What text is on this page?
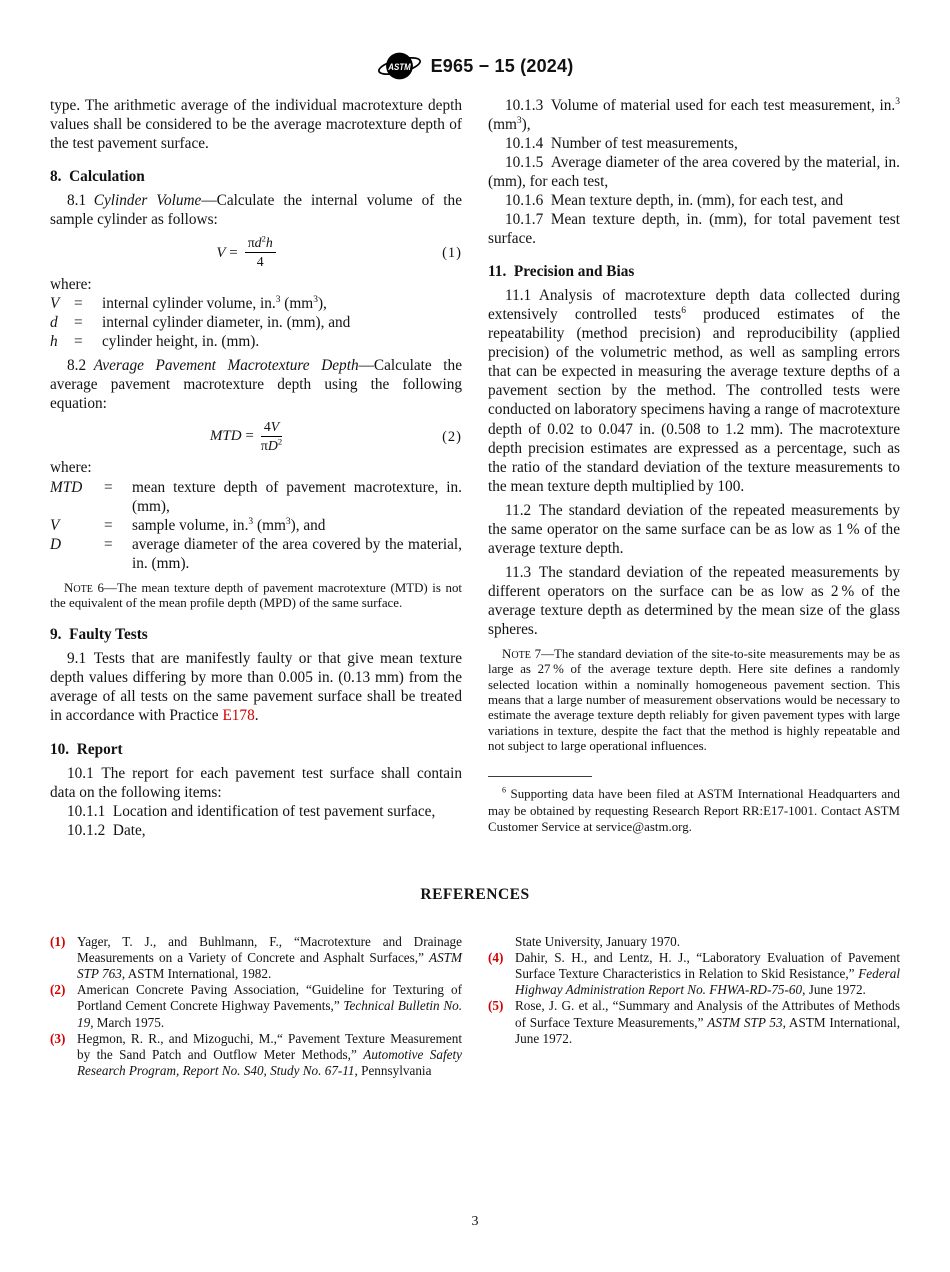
ASTM E965 − 15 (2024)

type. The arithmetic average of the individual macrotexture depth values shall be considered to be the average macrotexture depth of the test pavement surface.

8. Calculation

8.1 Cylinder Volume—Calculate the internal volume of the sample cylinder as follows:

$V = \frac{\pi d^2h}{4}$	(1)

where:

V =	internal cylinder volume, in.$^3$ $(mm^3)$,
d	=	internal cylinder diameter, in. (mm), and
h	=	cylinder height, in. (mm).

8.2 Average Pavement Macrotexture Depth—Calculate the average pavement macrotexture depth using the following equation:

MTD = $\frac{4V}{\pi D^2}$	(2)

where:

MTD	=	mean texture depth of pavement macrotexture, in. (mm),
V	=	sample volume, in.$^3$ $(mm^3)$, and
D	=	average diameter of the area covered by the material, in. (mm).

NOTE 6—The mean texture depth of pavement macrotexture (MTD) is not the equivalent of the mean profile depth (MPD) of the same surface.

9. Faulty Tests

9.1 Tests that are manifestly faulty or that give mean texture depth values differing by more than 0.005 in. (0.13 mm) from the average of all tests on the same pavement surface shall be treated in accordance with Practice E178.

10. Report

10.1 The report for each pavement test surface shall contain data on the following items:

10.1.1 Location and identification of test pavement surface,

10.1.2 Date,

10.1.3 Volume of material used for each test measurement, in.$^3$ $(mm^3)$,

10.1.4 Number of test measurements,

10.1.5 Average diameter of the area covered by the material, in. (mm), for each test,

10.1.6 Mean texture depth, in. (mm), for each test, and

10.1.7 Mean texture depth, in. (mm), for total pavement test surface.

11. Precision and Bias

11.1 Analysis of macrotexture depth data collected during extensively controlled tests$^6$ produced estimates of the repeatability (method precision) and reproducibility (applied precision) of the volumetric method, as well as sampling errors that can be expected in measuring the average texture depths of a pavement section by the method. The controlled tests were conducted on laboratory specimens having a range of macrotexture depth of 0.02 to 0.047 in. (0.508 to 1.2 mm). The macrotexture depth precision estimates are expressed as a percentage, such as the ratio of the standard deviation of the texture measurements to the mean texture depth multiplied by 100.

11.2 The standard deviation of the repeated measurements by the same operator on the same surface can be as low as 1 % of the average texture depth.

11.3 The standard deviation of the repeated measurements by different operators on the surface can be as low as 2 % of the average texture depth as determined by the mean size of the glass spheres.

NOTE 7—The standard deviation of the site-to-site measurements may be as large as 27 % of the average texture depth. Here site defines a randomly selected location within a nominally homogeneous pavement section. This means that a large number of measurement observations would be necessary to estimate the average texture depth reliably for given pavement types with large variations in texture, despite the fact that the method is highly repeatable and not subject to large operational influences.

$^6$ Supporting data have been filed at ASTM International Headquarters and may be obtained by requesting Research Report RR:E17-1001. Contact ASTM Customer Service at service@astm.org.

REFERENCES

(1) Yager, T. J., and Buhlmann, F., “Macrotexture and Drainage Measurements on a Variety of Concrete and Asphalt Surfaces,” ASTM STP 763, ASTM International, 1982.
(2) American Concrete Paving Association, “Guideline for Texturing of Portland Cement Concrete Highway Pavements,” Technical Bulletin No. 19, March 1975.
(3) Hegmon, R. R., and Mizoguchi, M.,“ Pavement Texture Measurement by the Sand Patch and Outflow Meter Methods,” Automotive Safety Research Program, Report No. S40, Study No. 67-11, Pennsylvania

State University, January 1970.

(4) Dahir, S. H., and Lentz, H. J., “Laboratory Evaluation of Pavement Surface Texture Characteristics in Relation to Skid Resistance,” Federal Highway Administration Report No. FHWA-RD-75-60, June 1972.
(5) Rose, J. G. et al., “Summary and Analysis of the Attributes of Methods of Surface Texture Measurements,” ASTM STP 53, ASTM International, June 1972.
3
